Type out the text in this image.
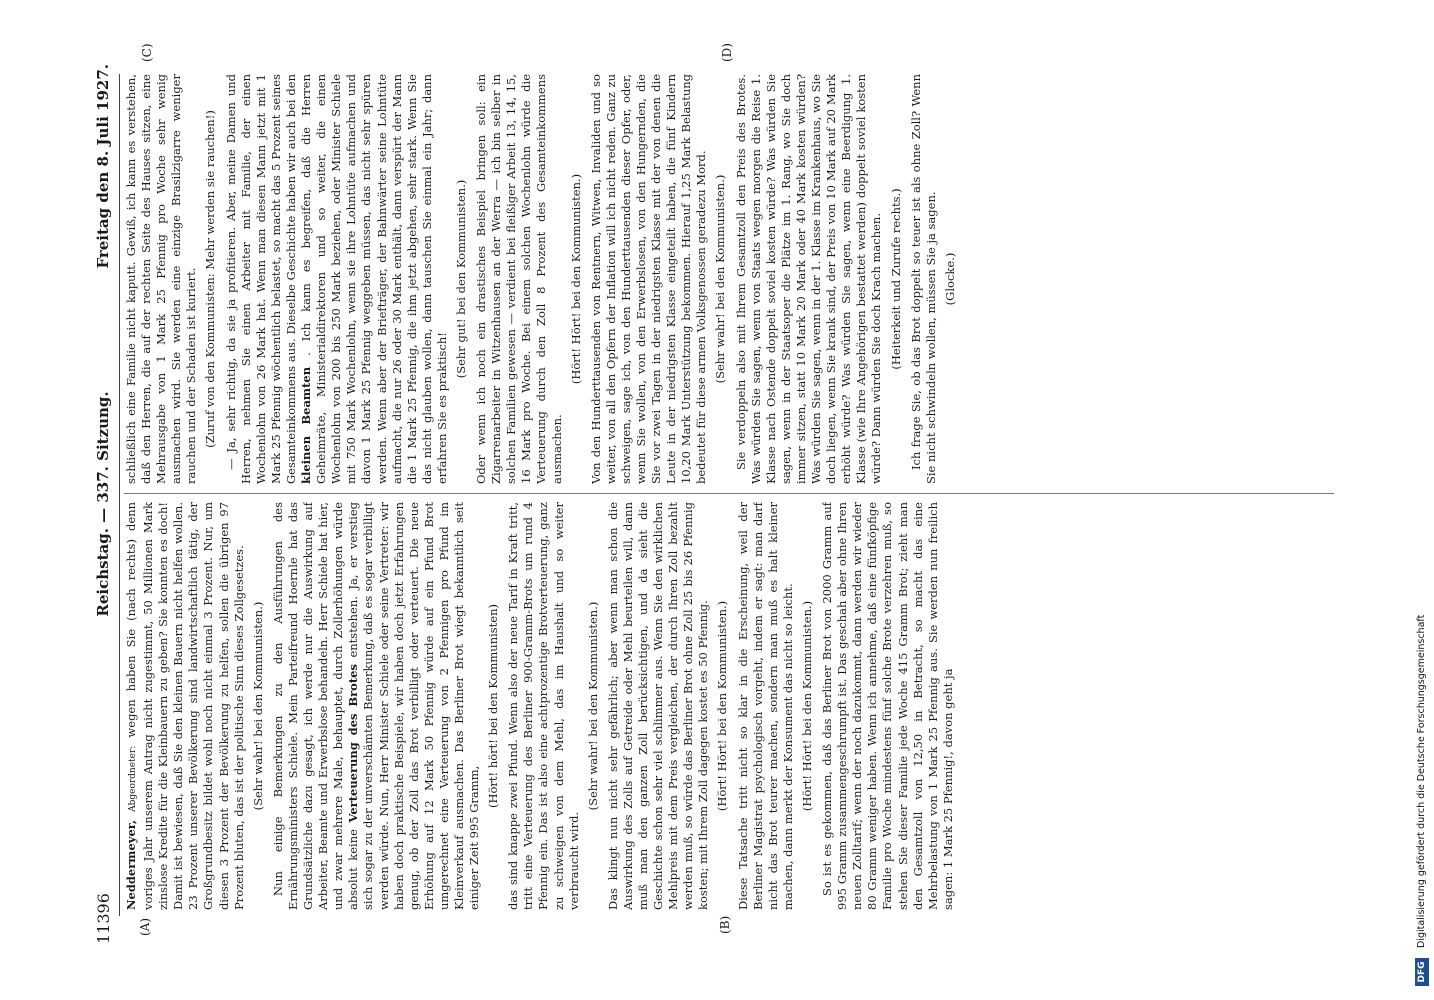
11396
Reichstag. — 337. Sitzung.
Freitag den 8. Juli 1927.
(A)	(B)
(C)	(D)

Neddermeyer, Abgeordneter: wegen haben Sie (nach rechts) denn voriges Jahr unserem Antrag nicht zugestimmt, 50 Millionen Mark zinslose Kredite für die Kleinbauern zu geben? Sie konnten es doch! Damit ist bewiesen, daß Sie den kleinen Bauern nicht helfen wollen. 23 Prozent unserer Bevölkerung sind landwirtschaftlich tätig, der Großgrundbesitz bildet wohl noch nicht einmal 3 Prozent. Nur, um diesen 3 Prozent der Bevölkerung zu helfen, sollen die übrigen 97 Prozent bluten, das ist der politische Sinn dieses Zollgesetzes. (Sehr wahr! bei den Kommunisten.) Nun einige Bemerkungen zu den Ausführungen des Ernährungsministers Schiele. Mein Parteifreund Hoernle hat das Grundsätzliche dazu gesagt, ich werde nur die Auswirkung auf Arbeiter, Beamte und Erwerbslose behandeln. Herr Schiele hat hier, und zwar mehrere Male, behauptet, durch Zollerhöhungen würde absolut keine Verteuerung des Brotes entstehen. Ja, er verstieg sich sogar zu der unverschämten Bemerkung, daß es sogar verbilligt werden würde. Nun, Herr Minister Schiele oder seine Vertreter: wir haben doch praktische Beispiele, wir haben doch jetzt Erfahrungen genug, ob der Zoll das Brot verbilligt oder verteuert. Die neue Erhöhung auf 12 Mark 50 Pfennig würde auf ein Pfund Brot umgerechnet eine Verteuerung von 2 Pfennigen pro Pfund im Kleinverkauf ausmachen. Das Berliner Brot wiegt bekanntlich seit einiger Zeit 995 Gramm,

(Hört! hört! bei den Kommunisten) das sind knappe zwei Pfund. Wenn also der neue Tarif in Kraft tritt, tritt eine Verteuerung des Berliner 900-Gramm-Brots um rund 4 Pfennig ein. Das ist also eine achtprozentige Brotverteuerung, ganz zu schweigen von dem Mehl, das im Haushalt und so weiter verbraucht wird.

(Sehr wahr! bei den Kommunisten.) Das klingt nun nicht sehr gefährlich; aber wenn man schon die Auswirkung des Zolls auf Getreide oder Mehl beurteilen will, dann muß man den ganzen Zoll berücksichtigen, und da sieht die Geschichte schon sehr viel schlimmer aus. Wenn Sie den wirklichen Mehlpreis mit dem Preis vergleichen, der durch Ihren Zoll bezahlt werden muß, so würde das Berliner Brot ohne Zoll 25 bis 26 Pfennig kosten; mit Ihrem Zoll dagegen kostet es 50 Pfennig. (Hört! Hört! bei den Kommunisten.) Diese Tatsache tritt nicht so klar in die Erscheinung, weil der Berliner Magistrat psychologisch vorgeht, indem er sagt: man darf nicht das Brot teurer machen, sondern man muß es halt kleiner machen, dann merkt der Konsument das nicht so leicht. (Hört! Hört! bei den Kommunisten.) So ist es gekommen, daß das Berliner Brot von 2000 Gramm auf 995 Gramm zusammengeschrumpft ist. Das geschah aber ohne Ihren neuen Zolltarif; wenn der noch dazukommt, dann werden wir wieder 80 Gramm weniger haben. Wenn ich annehme, daß eine fünfköpfige Familie pro Woche mindestens fünf solche Brote verzehren muß, so stehen Sie dieser Familie jede Woche 415 Gramm Brot; zieht man den Gesamtzoll von 12,50 in Betracht, so macht das eine Mehrbelastung von 1 Mark 25 Pfennig aus. Sie werden nun freilich sagen: 1 Mark 25 Pfennig!, davon geht ja

schließlich eine Familie nicht kaputt. Gewiß, ich kann es verstehen, daß den Herren, die auf der rechten Seite des Hauses sitzen, eine Mehrausgabe von 1 Mark 25 Pfennig pro Woche sehr wenig ausmachen wird. Sie werden eine einzige Brasilzigarre weniger rauchen und der Schaden ist kuriert. (Zuruf von den Kommunisten: Mehr werden sie rauchen!) — Ja, sehr richtig, da sie ja profitieren. Aber, meine Damen und Herren, nehmen Sie einen Arbeiter mit Familie, der einen Wochenlohn von 26 Mark hat. Wenn man diesen Mann jetzt mit 1 Mark 25 Pfennig wöchentlich belastet, so macht das 5 Prozent seines Gesamteinkommens aus. Dieselbe Geschichte haben wir auch bei den kleinen Beamten . Ich kann es begreifen, daß die Herren Geheimräte, Ministerialdirektoren und so weiter, die einen Wochenlohn von 200 bis 250 Mark beziehen, oder Minister Schiele mit 750 Mark Wochenlohn, wenn sie ihre Lohntüte aufmachen und davon 1 Mark 25 Pfennig weggeben müssen, das nicht sehr spüren werden. Wenn aber der Briefträger, der Bahnwärter seine Lohntüte aufmacht, die nur 26 oder 30 Mark enthält, dann verspürt der Mann die 1 Mark 25 Pfennig, die ihm jetzt abgehen, sehr stark. Wenn Sie das nicht glauben wollen, dann tauschen Sie einmal ein Jahr; dann erfahren Sie es praktisch!

(Sehr gut! bei den Kommunisten.) Oder wenn ich noch ein drastisches Beispiel bringen soll: ein Zigarrenarbeiter in Witzenhausen an der Werra — ich bin selber in solchen Familien gewesen — verdient bei fleißiger Arbeit 13, 14, 15, 16 Mark pro Woche. Bei einem solchen Wochenlohn würde die Verteuerung durch den Zoll 8 Prozent des Gesamteinkommens ausmachen.

(Hört! Hört! bei den Kommunisten.) Von den Hunderttausenden von Rentnern, Witwen, Invaliden und so weiter, von all den Opfern der Inflation will ich nicht reden. Ganz zu schweigen, sage ich, von den Hunderttausenden dieser Opfer, oder, wenn Sie wollen, von den Erwerbslosen, von den Hungernden, die Sie vor zwei Tagen in der niedrigsten Klasse mit der von denen die Leute in der niedrigsten Klasse eingeteilt haben, die fünf Kindern 10,20 Mark Unterstützung bekommen. Hierauf 1,25 Mark Belastung bedeutet für diese armen Volksgenossen geradezu Mord. (Sehr wahr! bei den Kommunisten.) Sie verdoppeln also mit Ihrem Gesamtzoll den Preis des Brotes. Was würden Sie sagen, wenn von Staats wegen morgen die Reise 1. Klasse nach Ostende doppelt soviel kosten würde? Was würden Sie sagen, wenn in der Staatsoper die Plätze im 1. Rang, wo Sie doch immer sitzen, statt 10 Mark 20 Mark oder 40 Mark kosten würden? Was würden Sie sagen, wenn in der 1. Klasse im Krankenhaus, wo Sie doch liegen, wenn Sie krank sind, der Preis von 10 Mark auf 20 Mark erhöht würde? Was würden Sie sagen, wenn eine Beerdigung 1. Klasse (wie Ihre Angehörigen bestattet werden) doppelt soviel kosten würde? Dann würden Sie doch Krach machen. (Heiterkeit und Zurufe rechts.) Ich frage Sie, ob das Brot doppelt so teuer ist als ohne Zoll? Wenn Sie nicht schwindeln wollen, müssen Sie ja sagen. (Glocke.)

DFG
Digitalisierung gefördert durch die Deutsche Forschungsgemeinschaft
